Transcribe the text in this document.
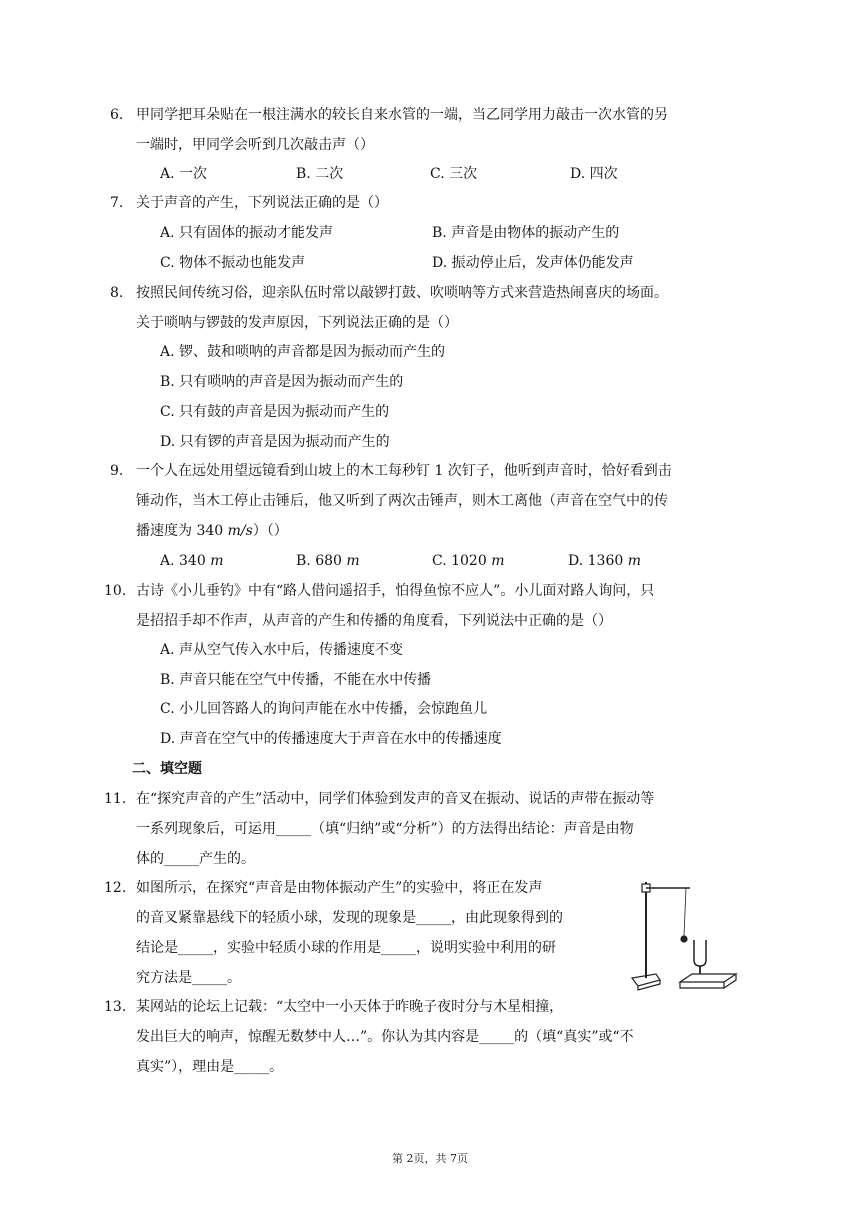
6. 甲同学把耳朵贴在一根注满水的较长自来水管的一端，当乙同学用力敲击一次水管的另
一端时，甲同学会听到几次敲击声（）
A. 一次	B. 二次	C. 三次	D. 四次
7. 关于声音的产生，下列说法正确的是（）
A. 只有固体的振动才能发声	B. 声音是由物体的振动产生的
C. 物体不振动也能发声	D. 振动停止后，发声体仍能发声
8. 按照民间传统习俗，迎亲队伍时常以敲锣打鼓、吹唢呐等方式来营造热闹喜庆的场面。
关于唢呐与锣鼓的发声原因，下列说法正确的是（）
A. 锣、鼓和唢呐的声音都是因为振动而产生的
B. 只有唢呐的声音是因为振动而产生的
C. 只有鼓的声音是因为振动而产生的
D. 只有锣的声音是因为振动而产生的
9. 一个人在远处用望远镜看到山坡上的木工每秒钉 1 次钉子，他听到声音时，恰好看到击
锤动作，当木工停止击锤后，他又听到了两次击锤声，则木工离他（声音在空气中的传
播速度为 340 m/s）（）
A. 340 m	B. 680 m	C. 1020 m	D. 1360 m
10. 古诗《小儿垂钓》中有“路人借问遥招手，怕得鱼惊不应人”。小儿面对路人询问，只
是招招手却不作声，从声音的产生和传播的角度看，下列说法中正确的是（）
A. 声从空气传入水中后，传播速度不变
B. 声音只能在空气中传播，不能在水中传播
C. 小儿回答路人的询问声能在水中传播，会惊跑鱼儿
D. 声音在空气中的传播速度大于声音在水中的传播速度
二、填空题
11. 在“探究声音的产生”活动中，同学们体验到发声的音叉在振动、说话的声带在振动等
一系列现象后，可运用_____（填“归纳”或“分析”）的方法得出结论：声音是由物
体的_____产生的。
12. 如图所示，在探究“声音是由物体振动产生”的实验中，将正在发声
的音叉紧靠悬线下的轻质小球，发现的现象是_____，由此现象得到的
结论是_____，实验中轻质小球的作用是_____，说明实验中利用的研
究方法是_____。
13. 某网站的论坛上记载：“太空中一小天体于昨晚子夜时分与木星相撞，
发出巨大的响声，惊醒无数梦中人…”。你认为其内容是_____的（填“真实”或“不
真实”），理由是_____。
第 2页，共 7页
